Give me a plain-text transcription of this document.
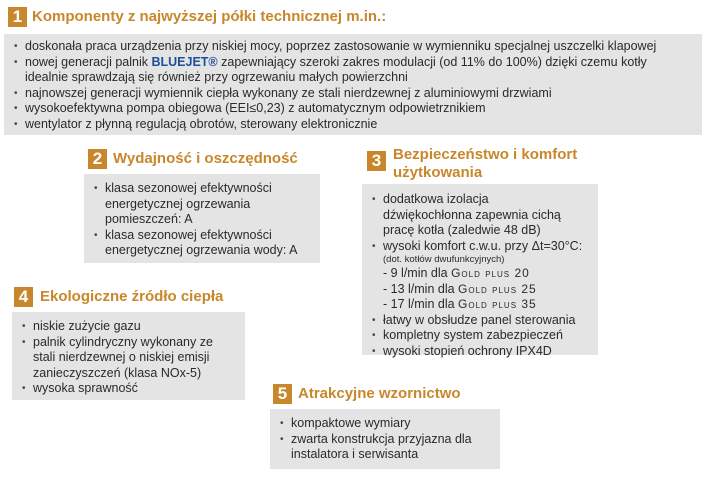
1 Komponenty z najwyższej półki technicznej m.in.:
• doskonała praca urządzenia przy niskiej mocy, poprzez zastosowanie w wymienniku specjalnej uszczelki klapowej
• nowej generacji palnik BLUEJET® zapewniający szeroki zakres modulacji (od 11% do 100%) dzięki czemu kotły
idealnie sprawdzają się również przy ogrzewaniu małych powierzchni
• najnowszej generacji wymiennik ciepła wykonany ze stali nierdzewnej z aluminiowymi drzwiami
• wysokoefektywna pompa obiegowa (EEI≤0,23) z automatycznym odpowietrznikiem
• wentylator z płynną regulacją obrotów, sterowany elektronicznie
2 Wydajność i oszczędność
• klasa sezonowej efektywności
energetycznej ogrzewania
pomieszczeń: A
• klasa sezonowej efektywności
energetycznej ogrzewania wody: A
3 Bezpieczeństwo i komfort
użytkowania
• dodatkowa izolacja
dźwiękochłonna zapewnia cichą
pracę kotła (zaledwie 48 dB)
• wysoki komfort c.w.u. przy Δt=30°C:
(dot. kotłów dwufunkcyjnych)
- 9 l/min dla Gold plus 20
- 13 l/min dla Gold plus 25
- 17 l/min dla Gold plus 35
• łatwy w obsłudze panel sterowania
• kompletny system zabezpieczeń
• wysoki stopień ochrony IPX4D
4 Ekologiczne źródło ciepła
• niskie zużycie gazu
• palnik cylindryczny wykonany ze
stali nierdzewnej o niskiej emisji
zanieczyszczeń (klasa NOx-5)
• wysoka sprawność	5 Atrakcyjne wzornictwo
• kompaktowe wymiary
• zwarta konstrukcja przyjazna dla
instalatora i serwisanta
